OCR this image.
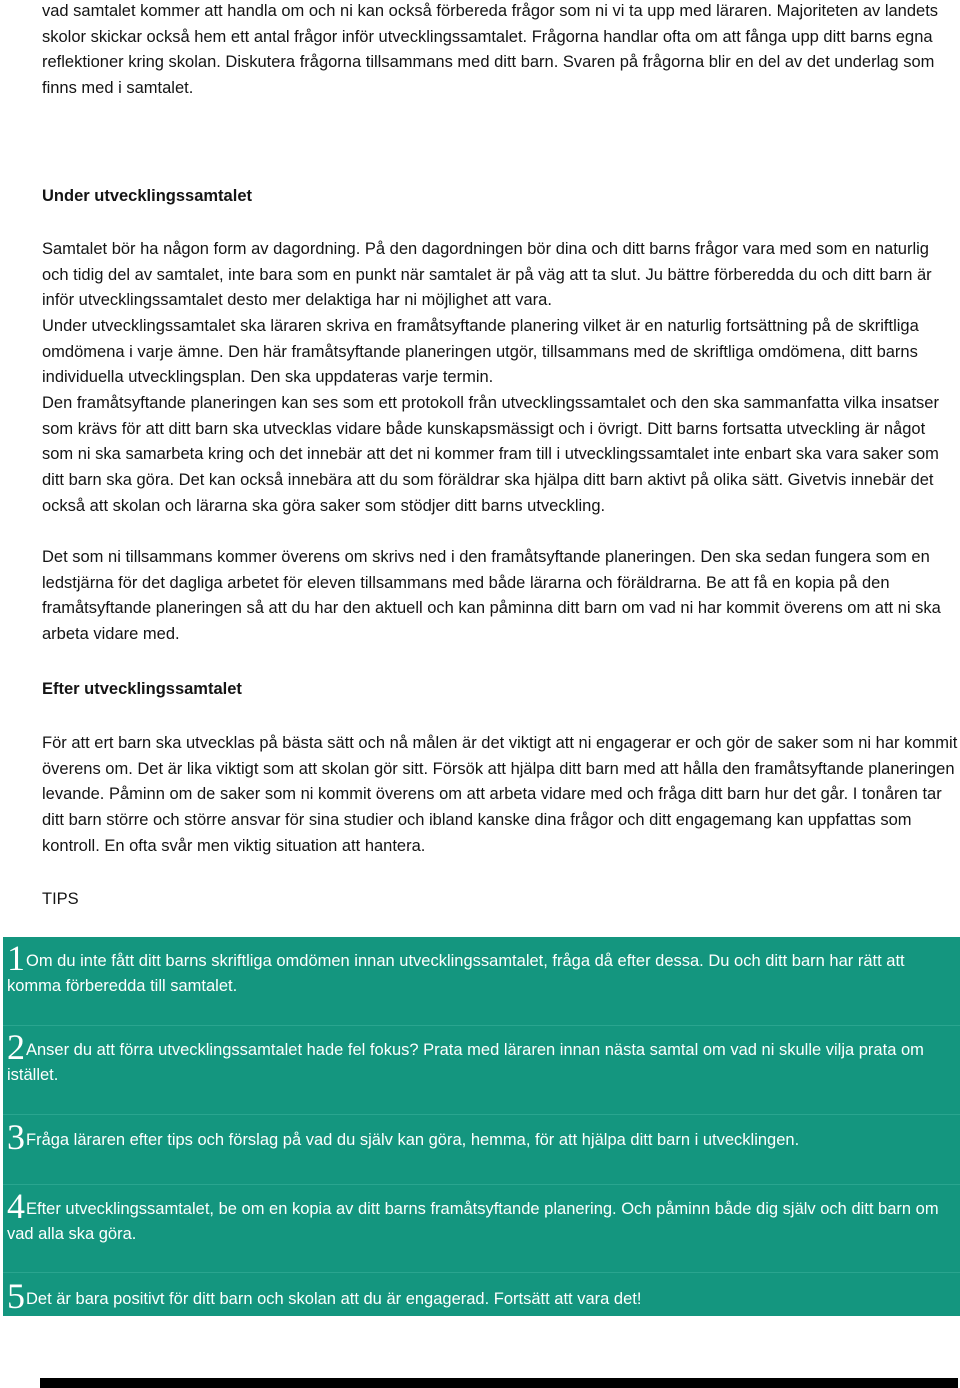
vad samtalet kommer att handla om och ni kan också förbereda frågor som ni vi ta upp med läraren. Majoriteten av landets skolor skickar också hem ett antal frågor inför utvecklingssamtalet. Frågorna handlar ofta om att fånga upp ditt barns egna reflektioner kring skolan. Diskutera frågorna tillsammans med ditt barn. Svaren på frågorna blir en del av det underlag som finns med i samtalet.

Under utvecklingssamtalet

Samtalet bör ha någon form av dagordning. På den dagordningen bör dina och ditt barns frågor vara med som en naturlig och tidig del av samtalet, inte bara som en punkt när samtalet är på väg att ta slut. Ju bättre förberedda du och ditt barn är inför utvecklingssamtalet desto mer delaktiga har ni möjlighet att vara.

Under utvecklingssamtalet ska läraren skriva en framåtsyftande planering vilket är en naturlig fortsättning på de skriftliga omdömena i varje ämne. Den här framåtsyftande planeringen utgör, tillsammans med de skriftliga omdömena, ditt barns individuella utvecklingsplan. Den ska uppdateras varje termin.

Den framåtsyftande planeringen kan ses som ett protokoll från utvecklingssamtalet och den ska sammanfatta vilka insatser som krävs för att ditt barn ska utvecklas vidare både kunskapsmässigt och i övrigt. Ditt barns fortsatta utveckling är något som ni ska samarbeta kring och det innebär att det ni kommer fram till i utvecklingssamtalet inte enbart ska vara saker som ditt barn ska göra. Det kan också innebära att du som föräldrar ska hjälpa ditt barn aktivt på olika sätt. Givetvis innebär det också att skolan och lärarna ska göra saker som stödjer ditt barns utveckling.

Det som ni tillsammans kommer överens om skrivs ned i den framåtsyftande planeringen. Den ska sedan fungera som en ledstjärna för det dagliga arbetet för eleven tillsammans med både lärarna och föräldrarna. Be att få en kopia på den framåtsyftande planeringen så att du har den aktuell och kan påminna ditt barn om vad ni har kommit överens om att ni ska arbeta vidare med.

Efter utvecklingssamtalet

För att ert barn ska utvecklas på bästa sätt och nå målen är det viktigt att ni engagerar er och gör de saker som ni har kommit överens om. Det är lika viktigt som att skolan gör sitt. Försök att hjälpa ditt barn med att hålla den framåtsyftande planeringen levande. Påminn om de saker som ni kommit överens om att arbeta vidare med och fråga ditt barn hur det går. I tonåren tar ditt barn större och större ansvar för sina studier och ibland kanske dina frågor och ditt engagemang kan uppfattas som kontroll. En ofta svår men viktig situation att hantera.

TIPS
1Om du inte fått ditt barns skriftliga omdömen innan utvecklingssamtalet, fråga då efter dessa. Du och ditt barn har rätt att komma förberedda till samtalet.
2Anser du att förra utvecklingssamtalet hade fel fokus? Prata med läraren innan nästa samtal om vad ni skulle vilja prata om istället.
3Fråga läraren efter tips och förslag på vad du själv kan göra, hemma, för att hjälpa ditt barn i utvecklingen.
4Efter utvecklingssamtalet, be om en kopia av ditt barns framåtsyftande planering. Och påminn både dig själv och ditt barn om vad alla ska göra.
5Det är bara positivt för ditt barn och skolan att du är engagerad. Fortsätt att vara det!
